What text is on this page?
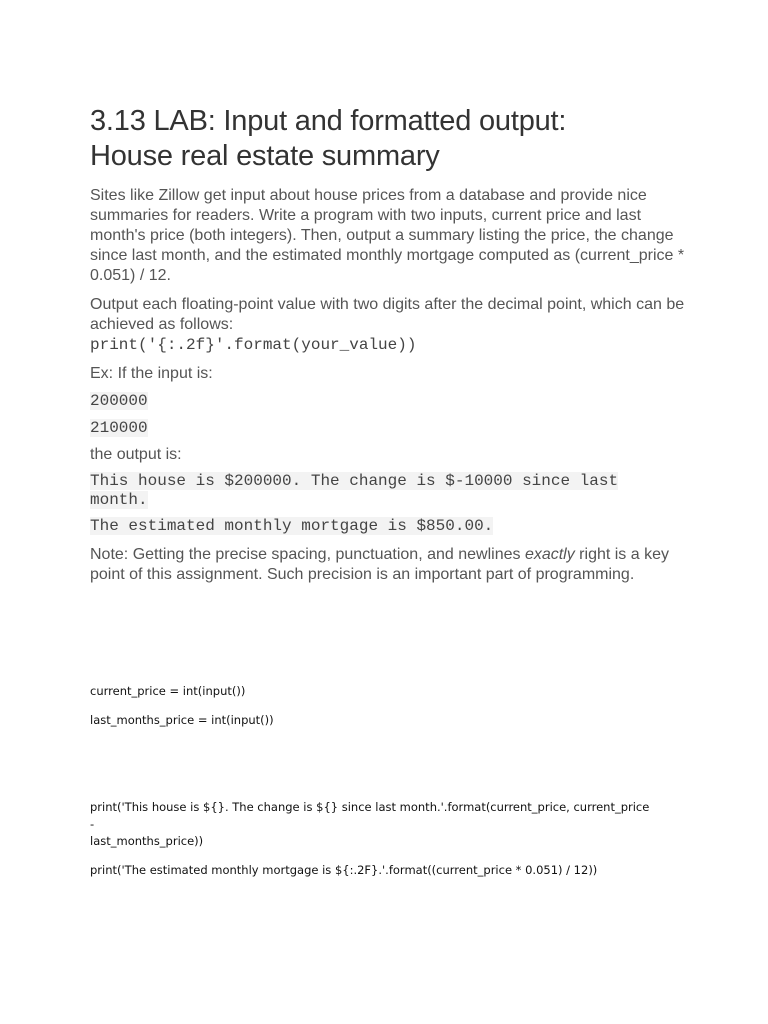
3.13 LAB: Input and formatted output:
House real estate summary

Sites like Zillow get input about house prices from a database and provide nice summaries for readers. Write a program with two inputs, current price and last month's price (both integers). Then, output a summary listing the price, the change since last month, and the estimated monthly mortgage computed as (current_price * 0.051) / 12.

Output each floating-point value with two digits after the decimal point, which can be achieved as follows:
print('{:.2f}'.format(your_value))

Ex: If the input is:

200000
210000

the output is:

This house is $200000. The change is $-10000 since last
month.
The estimated monthly mortgage is $850.00.

Note: Getting the precise spacing, punctuation, and newlines exactly right is a key point of this assignment. Such precision is an important part of programming.

current_price = int(input())

last_months_price = int(input())

print('This house is ${}. The change is ${} since last month.'.format(current_price, current_price -

last_months_price))

print('The estimated monthly mortgage is ${:.2F}.'.format((current_price * 0.051) / 12))
